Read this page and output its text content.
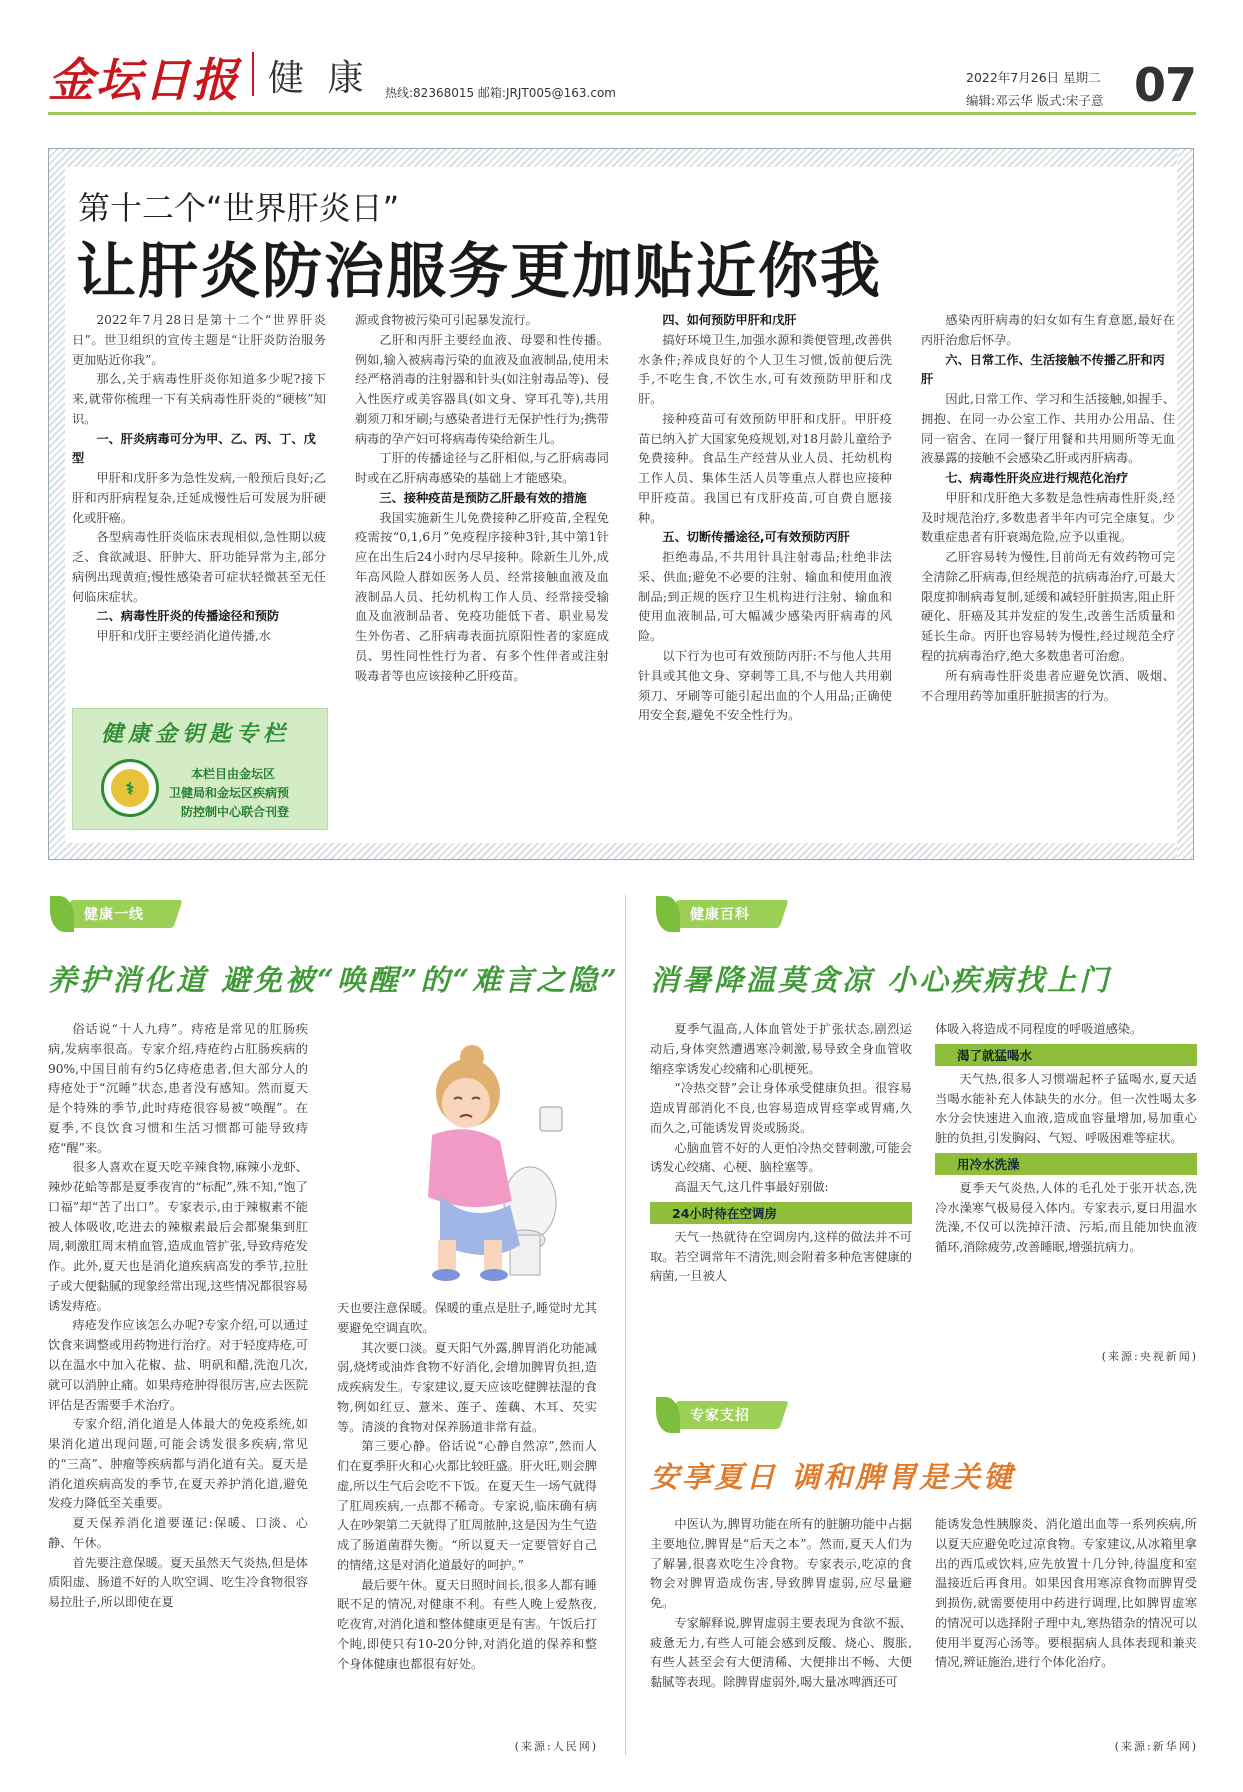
金坛日报 健 康 热线:82368015 邮箱:JRJT005@163.com
2022年7月26日 星期二
编辑:邓云华 版式:宋子意 07
第十二个“世界肝炎日”
让肝炎防治服务更加贴近你我
2022年7月28日是第十二个“世界肝炎日”。世卫组织的宣传主题是“让肝炎防治服务更加贴近你我”。
那么,关于病毒性肝炎你知道多少呢?接下来,就带你梳理一下有关病毒性肝炎的“硬核”知识。
一、肝炎病毒可分为甲、乙、丙、丁、戊型
甲肝和戊肝多为急性发病,一般预后良好;乙肝和丙肝病程复杂,迁延成慢性后可发展为肝硬化或肝癌。
各型病毒性肝炎临床表现相似,急性期以疲乏、食欲减退、肝肿大、肝功能异常为主,部分病例出现黄疸;慢性感染者可症状轻微甚至无任何临床症状。
二、病毒性肝炎的传播途径和预防
甲肝和戊肝主要经消化道传播,水
源或食物被污染可引起暴发流行。
乙肝和丙肝主要经血液、母婴和性传播。例如,输入被病毒污染的血液及血液制品,使用未经严格消毒的注射器和针头(如注射毒品等)、侵入性医疗或美容器具(如文身、穿耳孔等),共用剃须刀和牙刷;与感染者进行无保护性行为;携带病毒的孕产妇可将病毒传染给新生儿。
丁肝的传播途径与乙肝相似,与乙肝病毒同时或在乙肝病毒感染的基础上才能感染。
三、接种疫苗是预防乙肝最有效的措施
我国实施新生儿免费接种乙肝疫苗,全程免疫需按“0,1,6月”免疫程序接种3针,其中第1针应在出生后24小时内尽早接种。除新生儿外,成年高风险人群如医务人员、经常接触血液及血液制品人员、托幼机构工作人员、经常接受输血及血液制品者、免疫功能低下者、职业易发生外伤者、乙肝病毒表面抗原阳性者的家庭成员、男性同性性行为者、有多个性伴者或注射吸毒者等也应该接种乙肝疫苗。
四、如何预防甲肝和戊肝
搞好环境卫生,加强水源和粪便管理,改善供水条件;养成良好的个人卫生习惯,饭前便后洗手,不吃生食,不饮生水,可有效预防甲肝和戊肝。
接种疫苗可有效预防甲肝和戊肝。甲肝疫苗已纳入扩大国家免疫规划,对18月龄儿童给予免费接种。食品生产经营从业人员、托幼机构工作人员、集体生活人员等重点人群也应接种甲肝疫苗。我国已有戊肝疫苗,可自费自愿接种。
五、切断传播途径,可有效预防丙肝
拒绝毒品,不共用针具注射毒品;杜绝非法采、供血;避免不必要的注射、输血和使用血液制品;到正规的医疗卫生机构进行注射、输血和使用血液制品,可大幅减少感染丙肝病毒的风险。
以下行为也可有效预防丙肝:不与他人共用针具或其他文身、穿刺等工具,不与他人共用剃须刀、牙刷等可能引起出血的个人用品;正确使用安全套,避免不安全性行为。
感染丙肝病毒的妇女如有生育意愿,最好在丙肝治愈后怀孕。
六、日常工作、生活接触不传播乙肝和丙肝
因此,日常工作、学习和生活接触,如握手、拥抱、在同一办公室工作、共用办公用品、住同一宿舍、在同一餐厅用餐和共用厕所等无血液暴露的接触不会感染乙肝或丙肝病毒。
七、病毒性肝炎应进行规范化治疗
甲肝和戊肝绝大多数是急性病毒性肝炎,经及时规范治疗,多数患者半年内可完全康复。少数重症患者有肝衰竭危险,应予以重视。
乙肝容易转为慢性,目前尚无有效药物可完全清除乙肝病毒,但经规范的抗病毒治疗,可最大限度抑制病毒复制,延缓和减轻肝脏损害,阻止肝硬化、肝癌及其并发症的发生,改善生活质量和延长生命。丙肝也容易转为慢性,经过规范全疗程的抗病毒治疗,绝大多数患者可治愈。
所有病毒性肝炎患者应避免饮酒、吸烟、不合理用药等加重肝脏损害的行为。
健康金钥匙专栏
⚕
本栏目由金坛区
卫健局和金坛区疾病预
防控制中心联合刊登
健康一线
养护消化道 避免被“唤醒”的“难言之隐”
俗话说“十人九痔”。痔疮是常见的肛肠疾病,发病率很高。专家介绍,痔疮约占肛肠疾病的90%,中国目前有约5亿痔疮患者,但大部分人的痔疮处于“沉睡”状态,患者没有感知。然而夏天是个特殊的季节,此时痔疮很容易被“唤醒”。在夏季,不良饮食习惯和生活习惯都可能导致痔疮“醒”来。
很多人喜欢在夏天吃辛辣食物,麻辣小龙虾、辣炒花蛤等都是夏季夜宵的“标配”,殊不知,“饱了口福”却“苦了出口”。专家表示,由于辣椒素不能被人体吸收,吃进去的辣椒素最后会都聚集到肛周,刺激肛周末梢血管,造成血管扩张,导致痔疮发作。此外,夏天也是消化道疾病高发的季节,拉肚子或大便黏腻的现象经常出现,这些情况都很容易诱发痔疮。
痔疮发作应该怎么办呢?专家介绍,可以通过饮食来调整或用药物进行治疗。对于轻度痔疮,可以在温水中加入花椒、盐、明矾和醋,洗泡几次,就可以消肿止痛。如果痔疮肿得很厉害,应去医院评估是否需要手术治疗。
专家介绍,消化道是人体最大的免疫系统,如果消化道出现问题,可能会诱发很多疾病,常见的“三高”、肿瘤等疾病都与消化道有关。夏天是消化道疾病高发的季节,在夏天养护消化道,避免发疫力降低至关重要。
夏天保养消化道要谨记:保暖、口淡、心静、午休。
首先要注意保暖。夏天虽然天气炎热,但是体质阳虚、肠道不好的人吹空调、吃生冷食物很容易拉肚子,所以即使在夏
天也要注意保暖。保暖的重点是肚子,睡觉时尤其要避免空调直吹。
其次要口淡。夏天阳气外露,脾胃消化功能减弱,烧烤或油炸食物不好消化,会增加脾胃负担,造成疾病发生。专家建议,夏天应该吃健脾祛湿的食物,例如红豆、薏米、莲子、莲藕、木耳、芡实等。清淡的食物对保养肠道非常有益。
第三要心静。俗话说“心静自然凉”,然而人们在夏季肝火和心火都比较旺盛。肝火旺,则会脾虚,所以生气后会吃不下饭。在夏天生一场气就得了肛周疾病,一点都不稀奇。专家说,临床确有病人在吵架第二天就得了肛周脓肿,这是因为生气造成了肠道菌群失衡。“所以夏天一定要管好自己的情绪,这是对消化道最好的呵护。”
最后要午休。夏天日照时间长,很多人都有睡眠不足的情况,对健康不利。有些人晚上爱熬夜,吃夜宵,对消化道和整体健康更是有害。午饭后打个盹,即使只有10-20分钟,对消化道的保养和整个身体健康也都很有好处。
健康百科
消暑降温莫贪凉 小心疾病找上门
夏季气温高,人体血管处于扩张状态,剧烈运动后,身体突然遭遇寒冷刺激,易导致全身血管收缩痉挛诱发心绞痛和心肌梗死。
“冷热交替”会让身体承受健康负担。很容易造成胃部消化不良,也容易造成胃痉挛或胃痛,久而久之,可能诱发胃炎或肠炎。
心脑血管不好的人更怕冷热交替刺激,可能会诱发心绞痛、心梗、脑栓塞等。
高温天气,这几件事最好别做:
24小时待在空调房
天气一热就待在空调房内,这样的做法并不可取。若空调常年不清洗,则会附着多种危害健康的病菌,一旦被人
体吸入将造成不同程度的呼吸道感染。
渴了就猛喝水
天气热,很多人习惯端起杯子猛喝水,夏天适当喝水能补充人体缺失的水分。但一次性喝太多水分会快速进入血液,造成血容量增加,易加重心脏的负担,引发胸闷、气短、呼吸困难等症状。
用冷水洗澡
夏季天气炎热,人体的毛孔处于张开状态,洗冷水澡寒气极易侵入体内。专家表示,夏日用温水洗澡,不仅可以洗掉汗渍、污垢,而且能加快血液循环,消除疲劳,改善睡眠,增强抗病力。
专家支招
安享夏日 调和脾胃是关键
中医认为,脾胃功能在所有的脏腑功能中占据主要地位,脾胃是“后天之本”。然而,夏天人们为了解暑,很喜欢吃生冷食物。专家表示,吃凉的食物会对脾胃造成伤害,导致脾胃虚弱,应尽量避免。
专家解释说,脾胃虚弱主要表现为食欲不振、疲惫无力,有些人可能会感到反酸、烧心、腹胀,有些人甚至会有大便清稀、大便排出不畅、大便黏腻等表现。除脾胃虚弱外,喝大量冰啤酒还可
能诱发急性胰腺炎、消化道出血等一系列疾病,所以夏天应避免吃过凉食物。专家建议,从冰箱里拿出的西瓜或饮料,应先放置十几分钟,待温度和室温接近后再食用。如果因食用寒凉食物而脾胃受到损伤,就需要使用中药进行调理,比如脾胃虚寒的情况可以选择附子理中丸,寒热错杂的情况可以使用半夏泻心汤等。要根据病人具体表现和兼夹情况,辨证施治,进行个体化治疗。
(来源:人民网)
(来源:央视新闻)
(来源:新华网)
